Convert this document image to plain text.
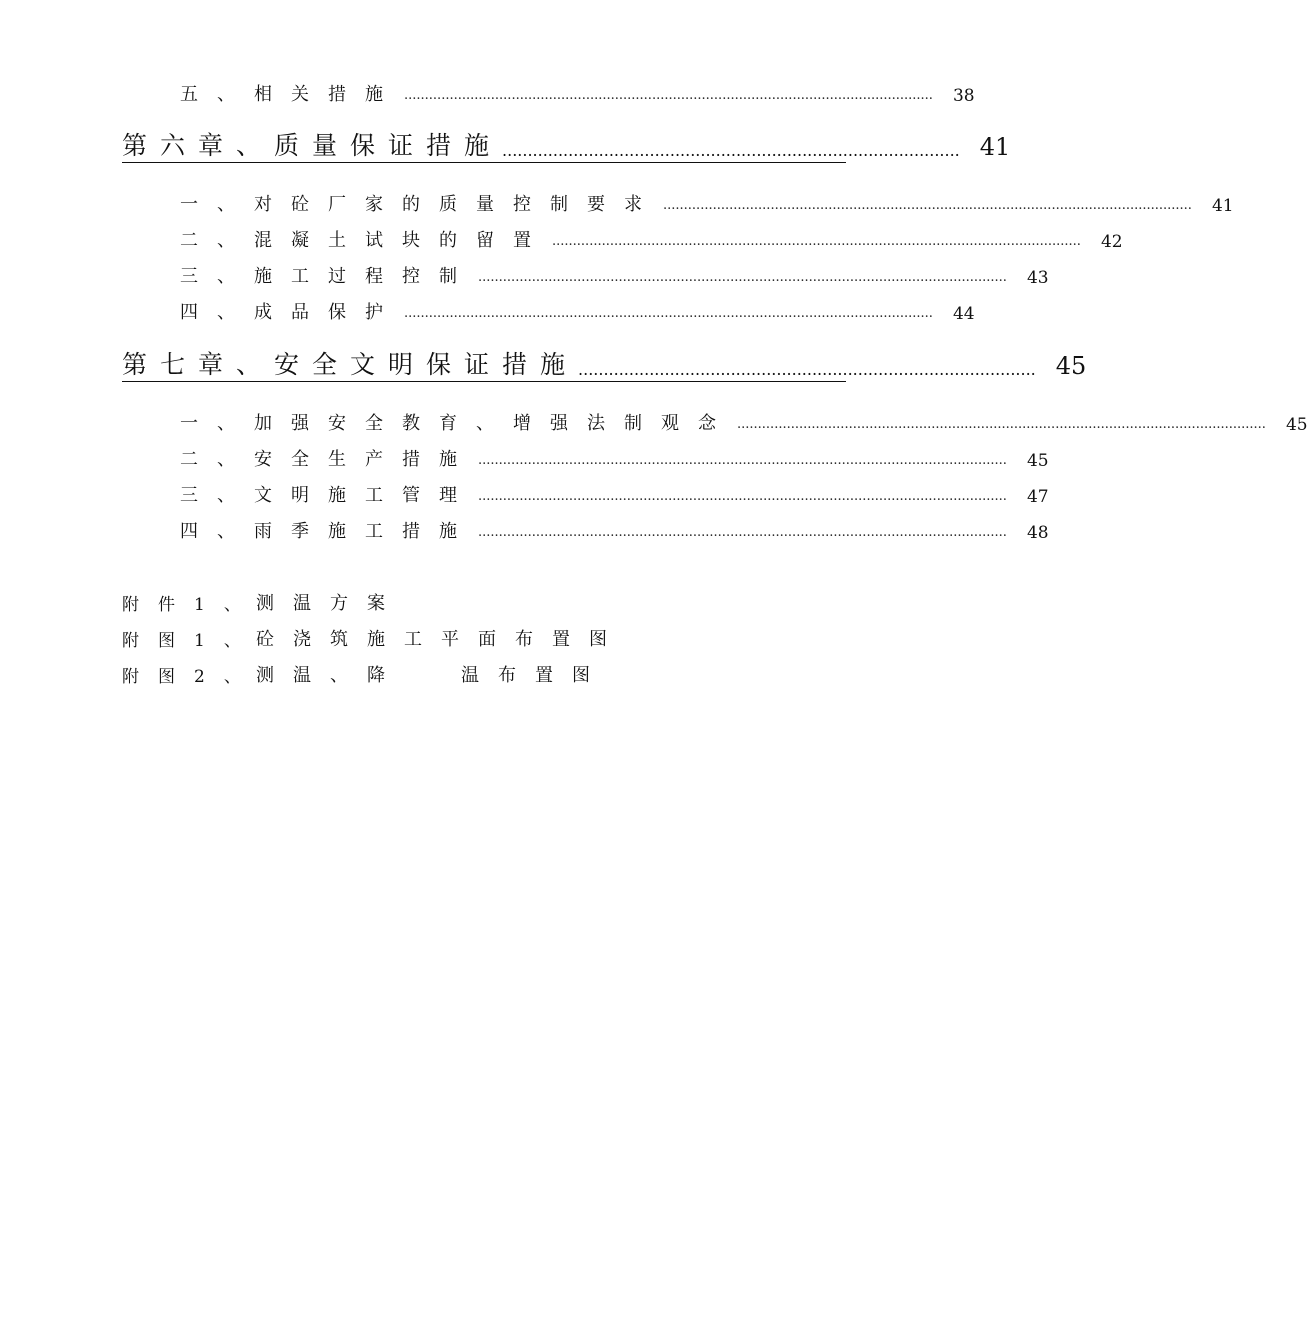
五、相关措施 ................................................................................................................................ 38
第六章、质量保证措施 .......................................................................................... 41
一、对砼厂家的质量控制要求 ................................................................................................................................ 41
二、混凝土试块的留置 ................................................................................................................................ 42
三、施工过程控制 ................................................................................................................................ 43
四、成品保护 ................................................................................................................................ 44
第七章、安全文明保证措施 .......................................................................................... 45
一、加强安全教育、增强法制观念 ................................................................................................................................ 45
二、安全生产措施 ................................................................................................................................ 45
三、文明施工管理 ................................................................................................................................ 47
四、雨季施工措施 ................................................................................................................................ 48
附件1、
测温方案
附图1、
砼浇筑施工平面布置图
附图2、
测温、降	温布置图
